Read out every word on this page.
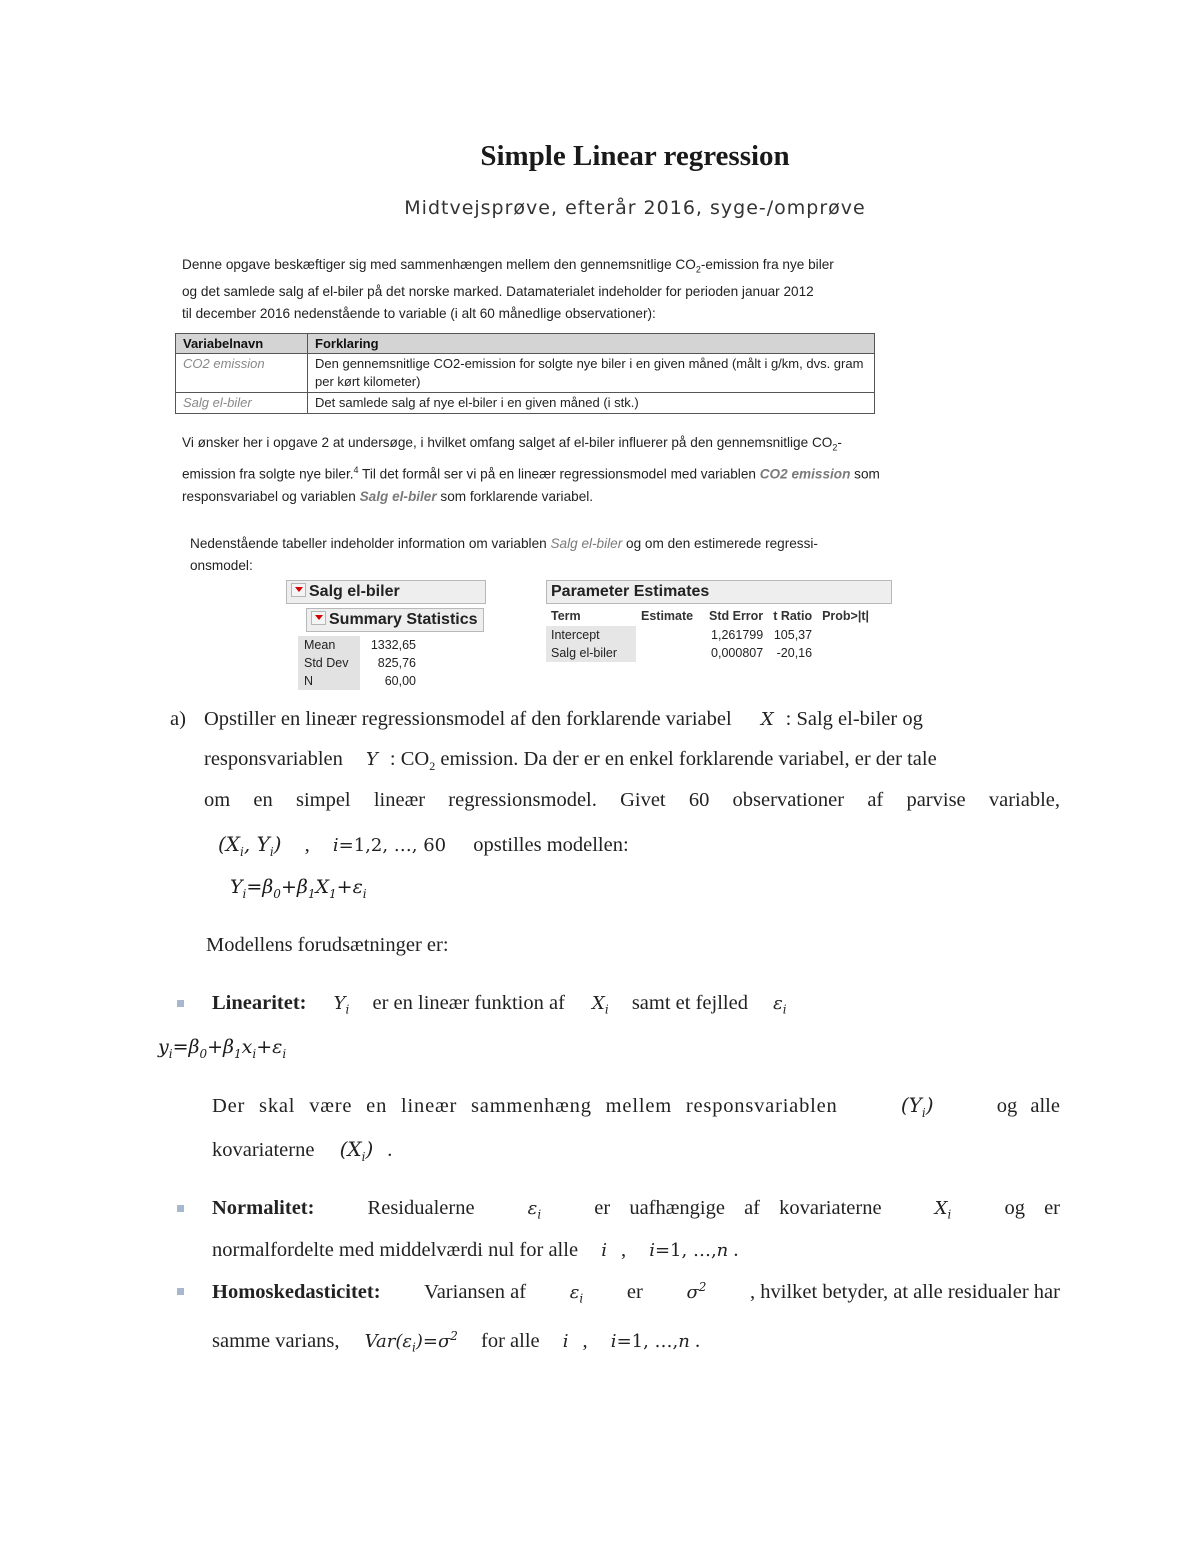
Simple Linear regression
Midtvejsprøve, efterår 2016, syge-/omprøve
Denne opgave beskæftiger sig med sammenhængen mellem den gennemsnitlige $CO_2$-emission fra nye biler
og det samlede salg af el-biler på det norske marked. Datamaterialet indeholder for perioden januar 2012
til december 2016 nedenstående to variable (i alt 60 månedlige observationer):
Variabelnavn	Forklaring
CO2 emission	Den gennemsnitlige CO2-emission for solgte nye biler i en given måned (målt i g/km, dvs. gram per kørt kilometer)
Salg el-biler	Det samlede salg af nye el-biler i en given måned (i stk.)
Vi ønsker her i opgave 2 at undersøge, i hvilket omfang salget af el-biler influerer på den gennemsnitlige $CO_2$-emission fra solgte nye biler.$^4$ Til det formål ser vi på en lineær regressionsmodel med variablen CO2 emission som responsvariabel og variablen Salg el-biler som forklarende variabel.
Nedenstående tabeller indeholder information om variablen Salg el-biler og om den estimerede regressi-
onsmodel:
Salg el-biler
Summary Statistics
Mean	1332,65
Std Dev	825,76
N	60,00
Parameter Estimates
Term	Estimate	Std Error	t Ratio	Prob>|t|
Intercept		1,261799	105,37	
Salg el-biler		0,000807	-20,16	
a) Opstiller en lineær regressionsmodel af den forklarende variabel X : Salg el-biler og
responsvariablen Y : $CO_2$ emission. Da der er en enkel forklarende variabel, er der tale
om en simpel lineær regressionsmodel. Givet 60 observationer af parvise variable,
($X_i$, $Y_i$) , i=1,2, …, 60 opstilles modellen:
$Y_i=\beta_0+\beta_1X_1+\varepsilon_i$
Modellens forudsætninger er:
Linearitet: $Y_i$ er en lineær funktion af $X_i$ samt et fejlled $\varepsilon_i$
$y_i=\beta_0+\beta_1x_i+\varepsilon_i$
Der skal være en lineær sammenhæng mellem responsvariablen	$(Y_i)$	og alle
kovariaterne $(X_i)$ .
Normalitet:	Residualerne	$\varepsilon_i$	er uafhængige af kovariaterne	$X_i$	og er
normalfordelte med middelværdi nul for alle i , i=1, …,n .
Homoskedasticitet: Variansen af $\varepsilon_i$ er $\sigma^2$ , hvilket betyder, at alle residualer har
samme varians, $Var(\varepsilon_i)=\sigma^2$ for alle i , i=1, …,n .
